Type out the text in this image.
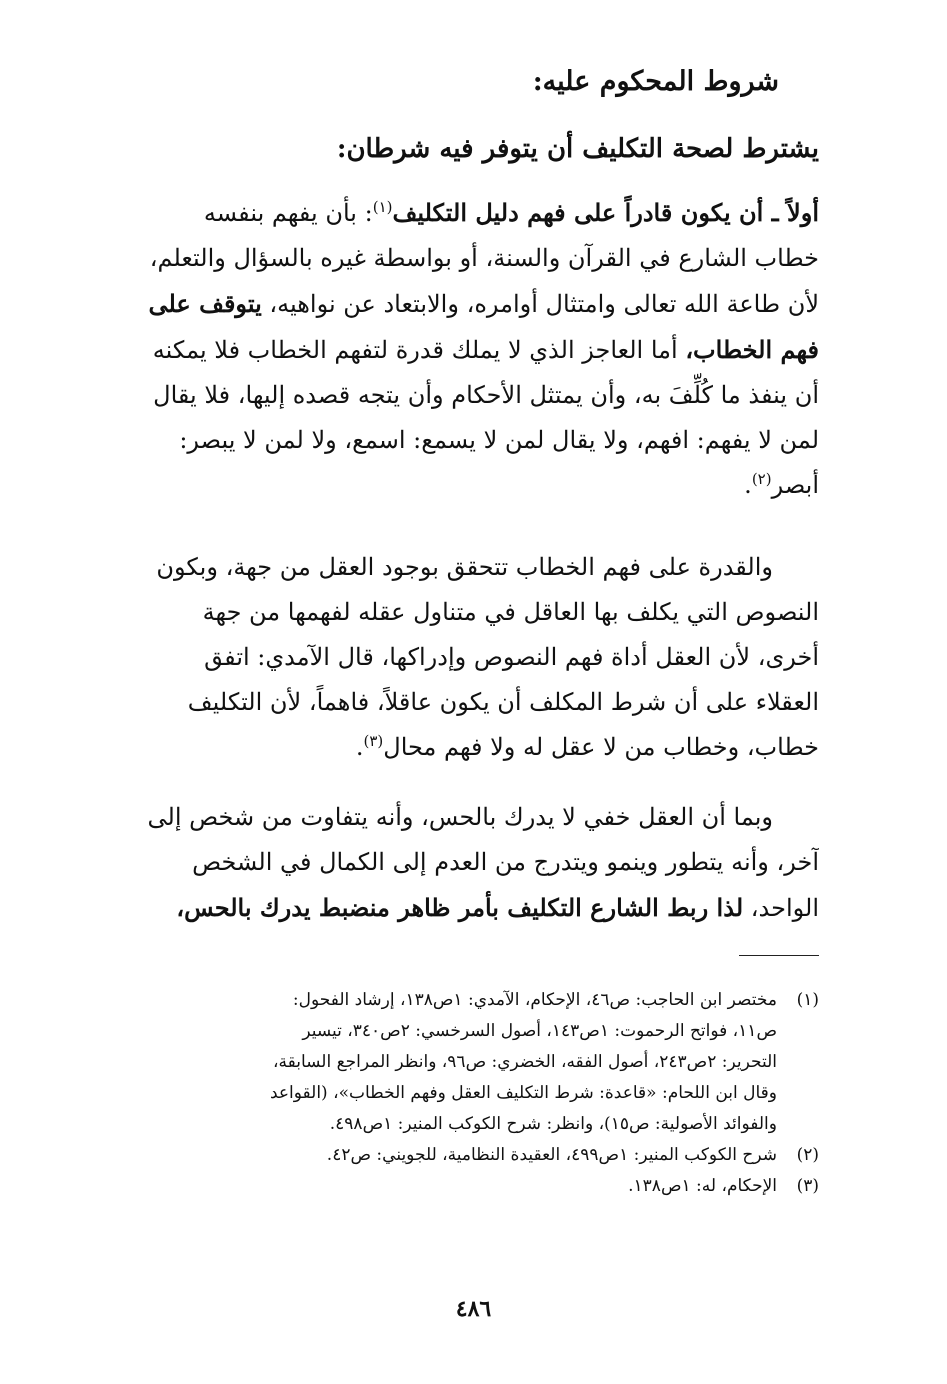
شروط المحكوم عليه:
يشترط لصحة التكليف أن يتوفر فيه شرطان:
أولاً ـ أن يكون قادراً على فهم دليل التكليف$^{(١)}$: بأن يفهم بنفسه
خطاب الشارع في القرآن والسنة، أو بواسطة غيره بالسؤال والتعلم،
لأن طاعة الله تعالى وامتثال أوامره، والابتعاد عن نواهيه، يتوقف على
فهم الخطاب، أما العاجز الذي لا يملك قدرة لتفهم الخطاب فلا يمكنه
أن ينفذ ما كُلِّفَ به، وأن يمتثل الأحكام وأن يتجه قصده إليها، فلا يقال
لمن لا يفهم: افهم، ولا يقال لمن لا يسمع: اسمع، ولا لمن لا يبصر:
أبصر$^{(٢)}$.
والقدرة على فهم الخطاب تتحقق بوجود العقل من جهة، وبكون
النصوص التي يكلف بها العاقل في متناول عقله لفهمها من جهة
أخرى، لأن العقل أداة فهم النصوص وإدراكها، قال الآمدي: اتفق
العقلاء على أن شرط المكلف أن يكون عاقلاً، فاهماً، لأن التكليف
خطاب، وخطاب من لا عقل له ولا فهم محال$^{(٣)}$.
وبما أن العقل خفي لا يدرك بالحس، وأنه يتفاوت من شخص إلى
آخر، وأنه يتطور وينمو ويتدرج من العدم إلى الكمال في الشخص
الواحد، لذا ربط الشارع التكليف بأمر ظاهر منضبط يدرك بالحس،
(١)
مختصر ابن الحاجب: ص٤٦، الإحكام، الآمدي: ١ص١٣٨، إرشاد الفحول:
ص١١، فواتح الرحموت: ١ص١٤٣، أصول السرخسي: ٢ص٣٤٠، تيسير
التحرير: ٢ص٢٤٣، أصول الفقه، الخضري: ص٩٦، وانظر المراجع السابقة،
وقال ابن اللحام: «قاعدة: شرط التكليف العقل وفهم الخطاب»، (القواعد
والفوائد الأصولية: ص١٥)، وانظر: شرح الكوكب المنير: ١ص٤٩٨.
(٢)
شرح الكوكب المنير: ١ص٤٩٩، العقيدة النظامية، للجويني: ص٤٢.
(٣)
الإحكام، له: ١ص١٣٨.
٤٨٦
